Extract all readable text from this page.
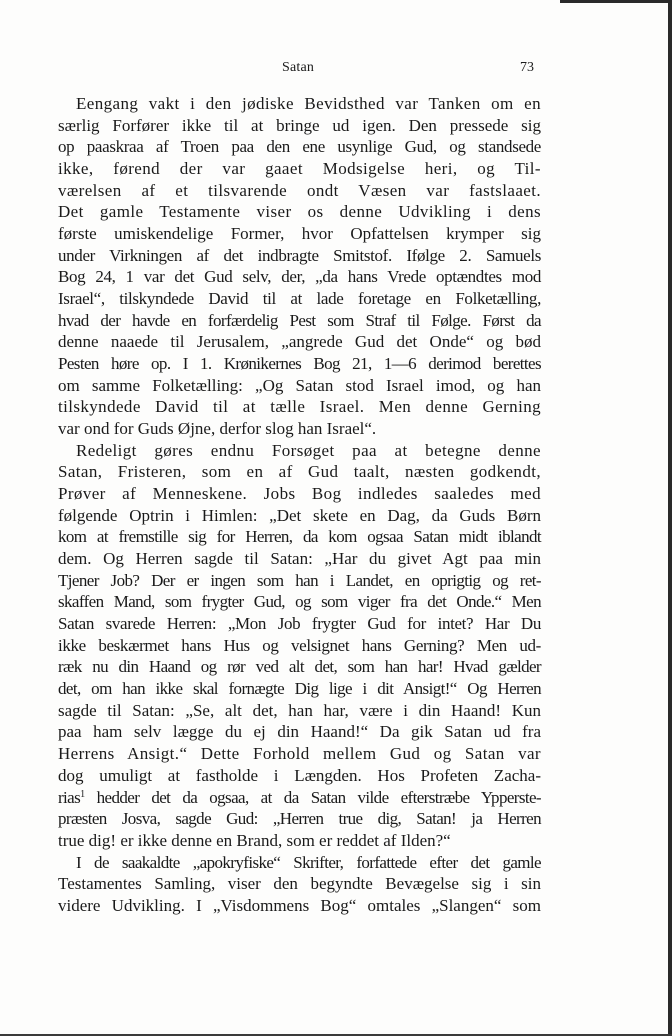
Satan	73
Eengang vakt i den jødiske Bevidsthed var Tanken om en
særlig Forfører ikke til at bringe ud igen. Den pressede sig
op paaskraa af Troen paa den ene usynlige Gud, og standsede
ikke, førend der var gaaet Modsigelse heri, og Til-
værelsen af et tilsvarende ondt Væsen var fastslaaet.
Det gamle Testamente viser os denne Udvikling i dens
første umiskendelige Former, hvor Opfattelsen krymper sig
under Virkningen af det indbragte Smitstof. Ifølge 2. Samuels
Bog 24, 1 var det Gud selv, der, „da hans Vrede optændtes mod
Israel“, tilskyndede David til at lade foretage en Folketælling,
hvad der havde en forfærdelig Pest som Straf til Følge. Først da
denne naaede til Jerusalem, „angrede Gud det Onde“ og bød
Pesten høre op. I 1. Krønikernes Bog 21, 1—6 derimod berettes
om samme Folketælling: „Og Satan stod Israel imod, og han
tilskyndede David til at tælle Israel. Men denne Gerning
var ond for Guds Øjne, derfor slog han Israel“.
Redeligt gøres endnu Forsøget paa at betegne denne
Satan, Fristeren, som en af Gud taalt, næsten godkendt,
Prøver af Menneskene. Jobs Bog indledes saaledes med
følgende Optrin i Himlen: „Det skete en Dag, da Guds Børn
kom at fremstille sig for Herren, da kom ogsaa Satan midt iblandt
dem. Og Herren sagde til Satan: „Har du givet Agt paa min
Tjener Job? Der er ingen som han i Landet, en oprigtig og ret-
skaffen Mand, som frygter Gud, og som viger fra det Onde.“ Men
Satan svarede Herren: „Mon Job frygter Gud for intet? Har Du
ikke beskærmet hans Hus og velsignet hans Gerning? Men ud-
ræk nu din Haand og rør ved alt det, som han har! Hvad gælder
det, om han ikke skal fornægte Dig lige i dit Ansigt!“ Og Herren
sagde til Satan: „Se, alt det, han har, være i din Haand! Kun
paa ham selv lægge du ej din Haand!“ Da gik Satan ud fra
Herrens Ansigt.“ Dette Forhold mellem Gud og Satan var
dog umuligt at fastholde i Længden. Hos Profeten Zacha-
rias$^1$ hedder det da ogsaa, at da Satan vilde efterstræbe Ypperste-
præsten Josva, sagde Gud: „Herren true dig, Satan! ja Herren
true dig! er ikke denne en Brand, som er reddet af Ilden?“
I de saakaldte „apokryfiske“ Skrifter, forfattede efter det gamle
Testamentes Samling, viser den begyndte Bevægelse sig i sin
videre Udvikling. I „Visdommens Bog“ omtales „Slangen“ som
